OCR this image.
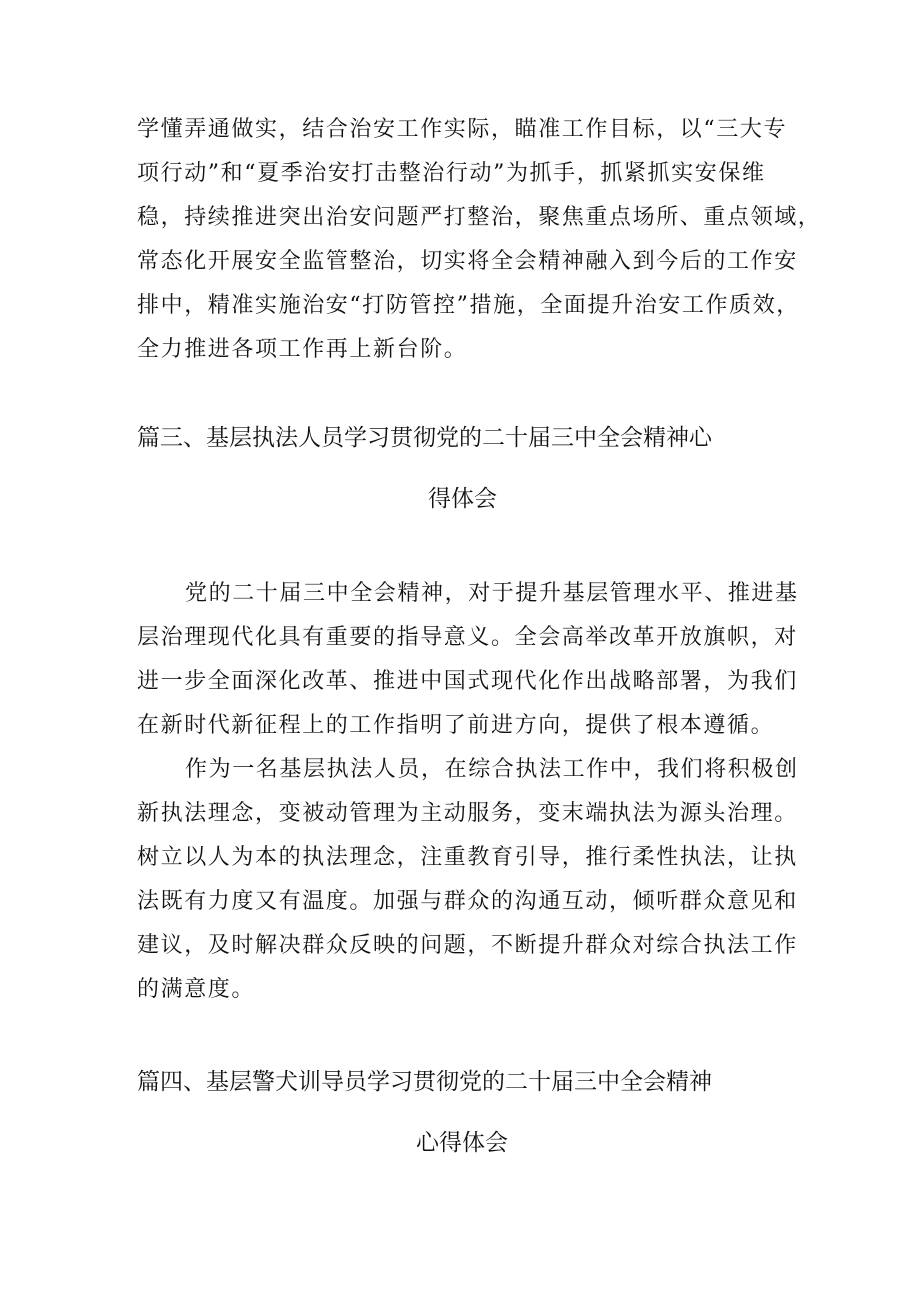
学懂弄通做实，结合治安工作实际，瞄准工作目标，以“三大专
项行动”和“夏季治安打击整治行动”为抓手，抓紧抓实安保维
稳，持续推进突出治安问题严打整治，聚焦重点场所、重点领域，
常态化开展安全监管整治，切实将全会精神融入到今后的工作安
排中，精准实施治安“打防管控”措施，全面提升治安工作质效，
全力推进各项工作再上新台阶。
篇三、基层执法人员学习贯彻党的二十届三中全会精神心
得体会
党的二十届三中全会精神，对于提升基层管理水平、推进基
层治理现代化具有重要的指导意义。全会高举改革开放旗帜，对
进一步全面深化改革、推进中国式现代化作出战略部署，为我们
在新时代新征程上的工作指明了前进方向，提供了根本遵循。
作为一名基层执法人员，在综合执法工作中，我们将积极创
新执法理念，变被动管理为主动服务，变末端执法为源头治理。
树立以人为本的执法理念，注重教育引导，推行柔性执法，让执
法既有力度又有温度。加强与群众的沟通互动，倾听群众意见和
建议，及时解决群众反映的问题，不断提升群众对综合执法工作
的满意度。
篇四、基层警犬训导员学习贯彻党的二十届三中全会精神
心得体会
